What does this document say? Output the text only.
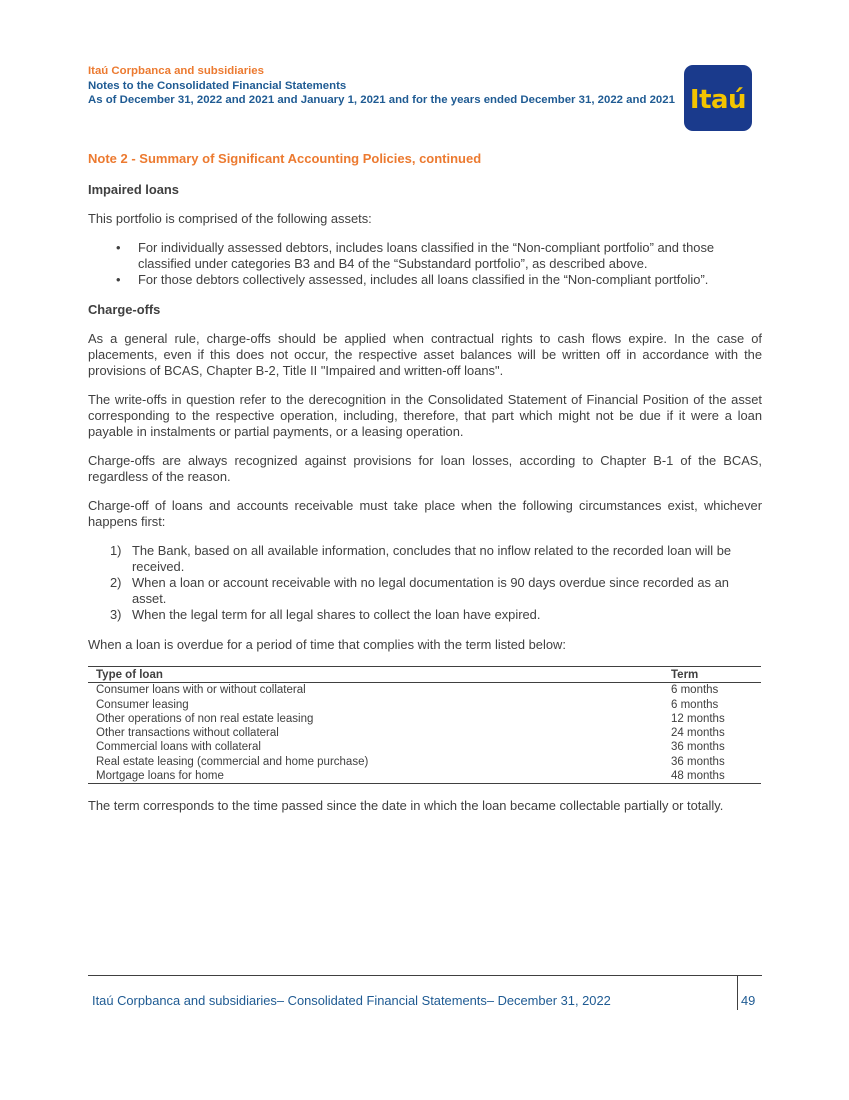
Itaú Corpbanca and subsidiaries
Notes to the Consolidated Financial Statements
As of December 31, 2022 and 2021 and January 1, 2021 and for the years ended December 31, 2022 and 2021 Itaú
Note 2 - Summary of Significant Accounting Policies, continued
Impaired loans

This portfolio is comprised of the following assets:

• For individually assessed debtors, includes loans classified in the “Non-compliant portfolio” and those classified under categories B3 and B4 of the “Substandard portfolio”, as described above.
• For those debtors collectively assessed, includes all loans classified in the “Non-compliant portfolio”.
Charge-offs

As a general rule, charge-offs should be applied when contractual rights to cash flows expire. In the case of placements, even if this does not occur, the respective asset balances will be written off in accordance with the provisions of BCAS, Chapter B-2, Title II "Impaired and written-off loans".

The write-offs in question refer to the derecognition in the Consolidated Statement of Financial Position of the asset corresponding to the respective operation, including, therefore, that part which might not be due if it were a loan payable in instalments or partial payments, or a leasing operation.

Charge-offs are always recognized against provisions for loan losses, according to Chapter B-1 of the BCAS, regardless of the reason.

Charge-off of loans and accounts receivable must take place when the following circumstances exist, whichever happens first:

1) The Bank, based on all available information, concludes that no inflow related to the recorded loan will be received.
2) When a loan or account receivable with no legal documentation is 90 days overdue since recorded as an asset.
3) When the legal term for all legal shares to collect the loan have expired.

When a loan is overdue for a period of time that complies with the term listed below:

Type of loan	Term
Consumer loans with or without collateral	6 months
Consumer leasing	6 months
Other operations of non real estate leasing	12 months
Other transactions without collateral	24 months
Commercial loans with collateral	36 months
Real estate leasing (commercial and home purchase)	36 months
Mortgage loans for home	48 months

The term corresponds to the time passed since the date in which the loan became collectable partially or totally.

Itaú Corpbanca and subsidiaries– Consolidated Financial Statements– December 31, 2022	49
